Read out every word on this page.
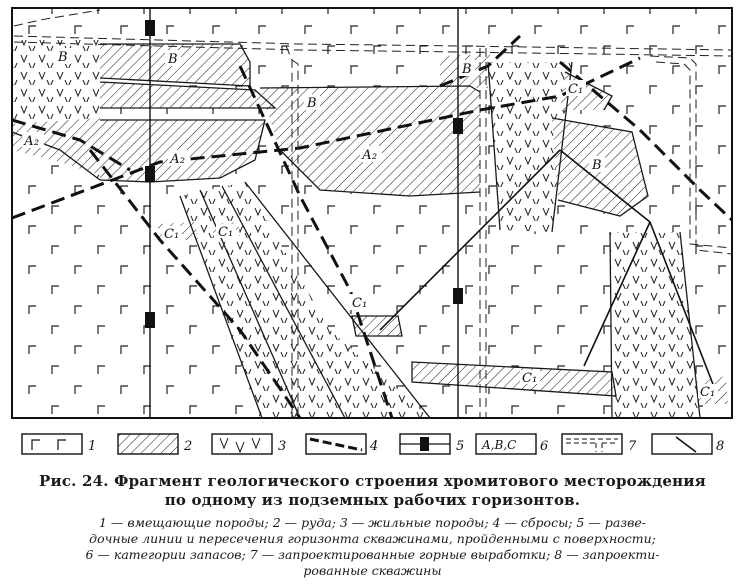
В	В
В
В
В
А₂
А₂	А₂
С₁
С₁	С₁
С₁
С₁
С₁
1	2	3	4	5 A,B,C 6	7	8
Рис. 24. Фрагмент геологического строения хромитового месторождения
по одному из подземных рабочих горизонтов.
1 — вмещающие породы; 2 — руда; 3 — жильные породы; 4 — сбросы; 5 — разве-
дочные линии и пересечения горизонта скважинами, пройденными с поверхности;
6 — категории запасов; 7 — запроектированные горные выработки; 8 — запроекти-
рованные скважины
